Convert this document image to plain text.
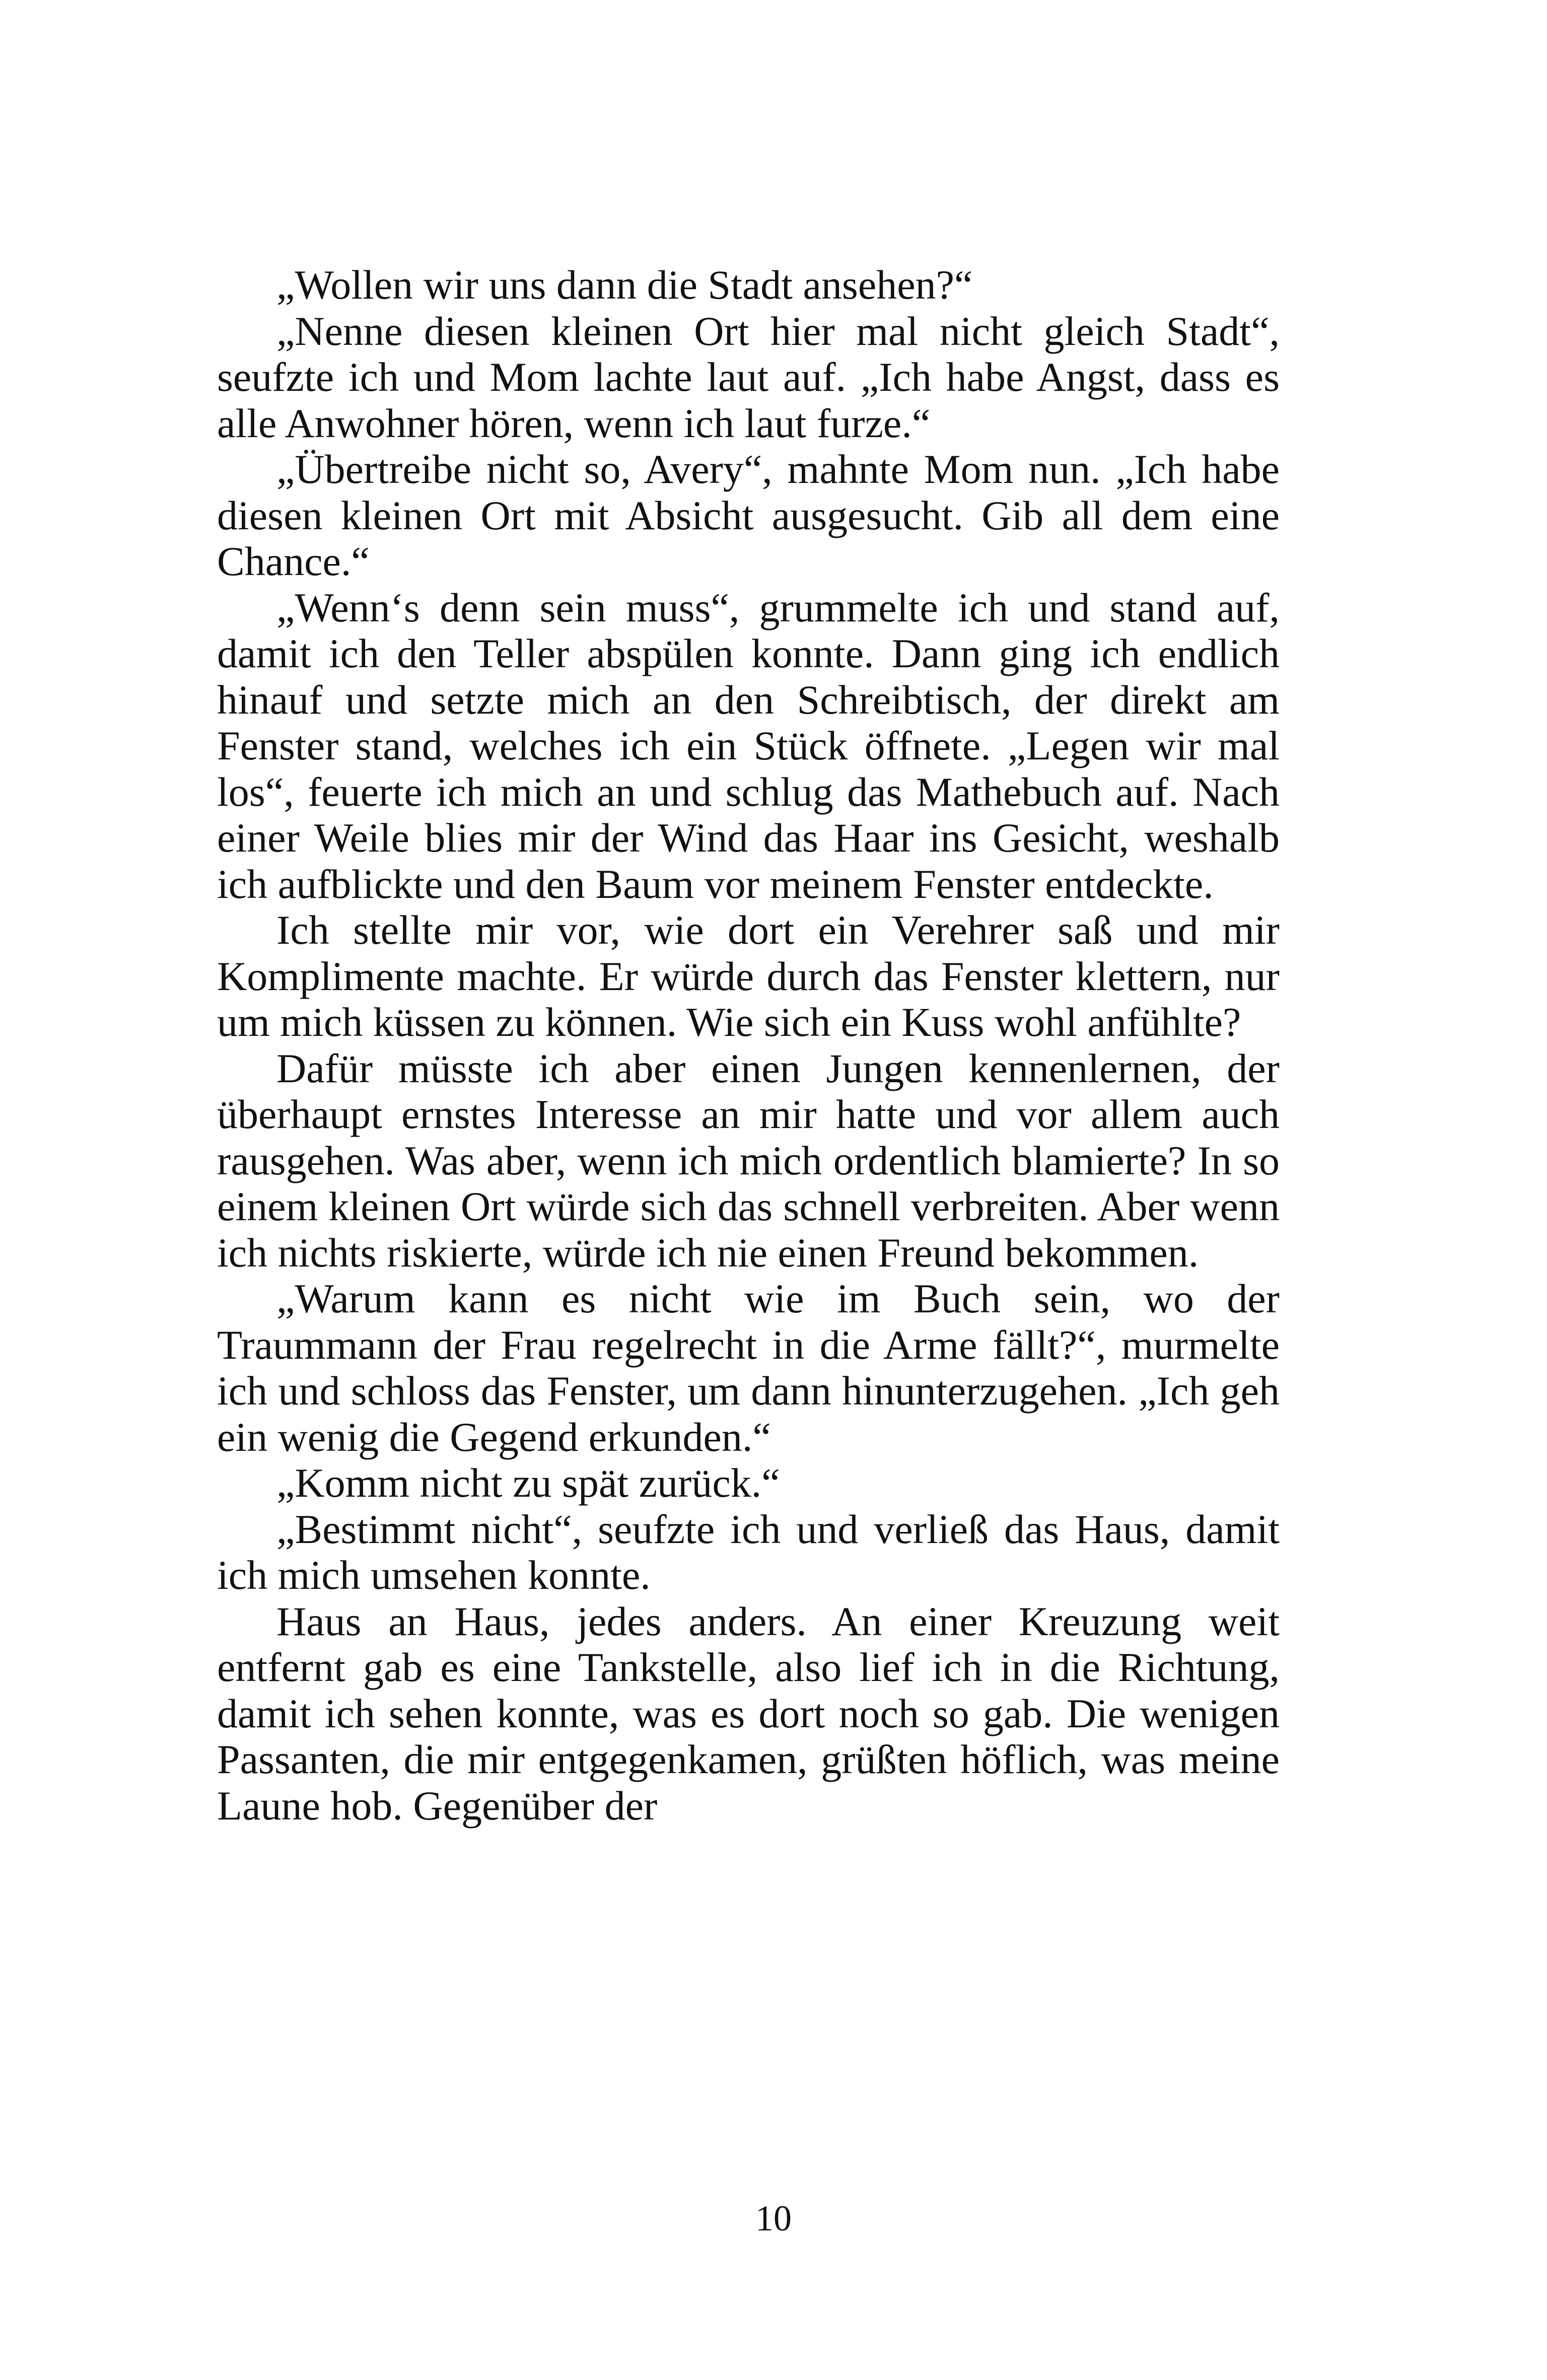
„Wollen wir uns dann die Stadt ansehen?“

„Nenne diesen kleinen Ort hier mal nicht gleich Stadt“, seufzte ich und Mom lachte laut auf. „Ich habe Angst, dass es alle Anwohner hören, wenn ich laut furze.“

„Übertreibe nicht so, Avery“, mahnte Mom nun. „Ich habe diesen kleinen Ort mit Absicht ausgesucht. Gib all dem eine Chance.“

„Wenn‘s denn sein muss“, grummelte ich und stand auf, damit ich den Teller abspülen konnte. Dann ging ich endlich hinauf und setzte mich an den Schreibtisch, der direkt am Fenster stand, welches ich ein Stück öffnete. „Legen wir mal los“, feuerte ich mich an und schlug das Mathebuch auf. Nach einer Weile blies mir der Wind das Haar ins Gesicht, weshalb ich aufblickte und den Baum vor meinem Fenster entdeckte.

Ich stellte mir vor, wie dort ein Verehrer saß und mir Komplimente machte. Er würde durch das Fenster klettern, nur um mich küssen zu können. Wie sich ein Kuss wohl anfühlte?

Dafür müsste ich aber einen Jungen kennenlernen, der überhaupt ernstes Interesse an mir hatte und vor allem auch rausgehen. Was aber, wenn ich mich ordentlich blamierte? In so einem kleinen Ort würde sich das schnell verbreiten. Aber wenn ich nichts riskierte, würde ich nie einen Freund bekommen.

„Warum kann es nicht wie im Buch sein, wo der Traummann der Frau regelrecht in die Arme fällt?“, murmelte ich und schloss das Fenster, um dann hinunterzugehen. „Ich geh ein wenig die Gegend erkunden.“

„Komm nicht zu spät zurück.“

„Bestimmt nicht“, seufzte ich und verließ das Haus, damit ich mich umsehen konnte.

Haus an Haus, jedes anders. An einer Kreuzung weit entfernt gab es eine Tankstelle, also lief ich in die Richtung, damit ich sehen konnte, was es dort noch so gab. Die wenigen Passanten, die mir entgegenkamen, grüßten höflich, was meine Laune hob. Gegenüber der

10
